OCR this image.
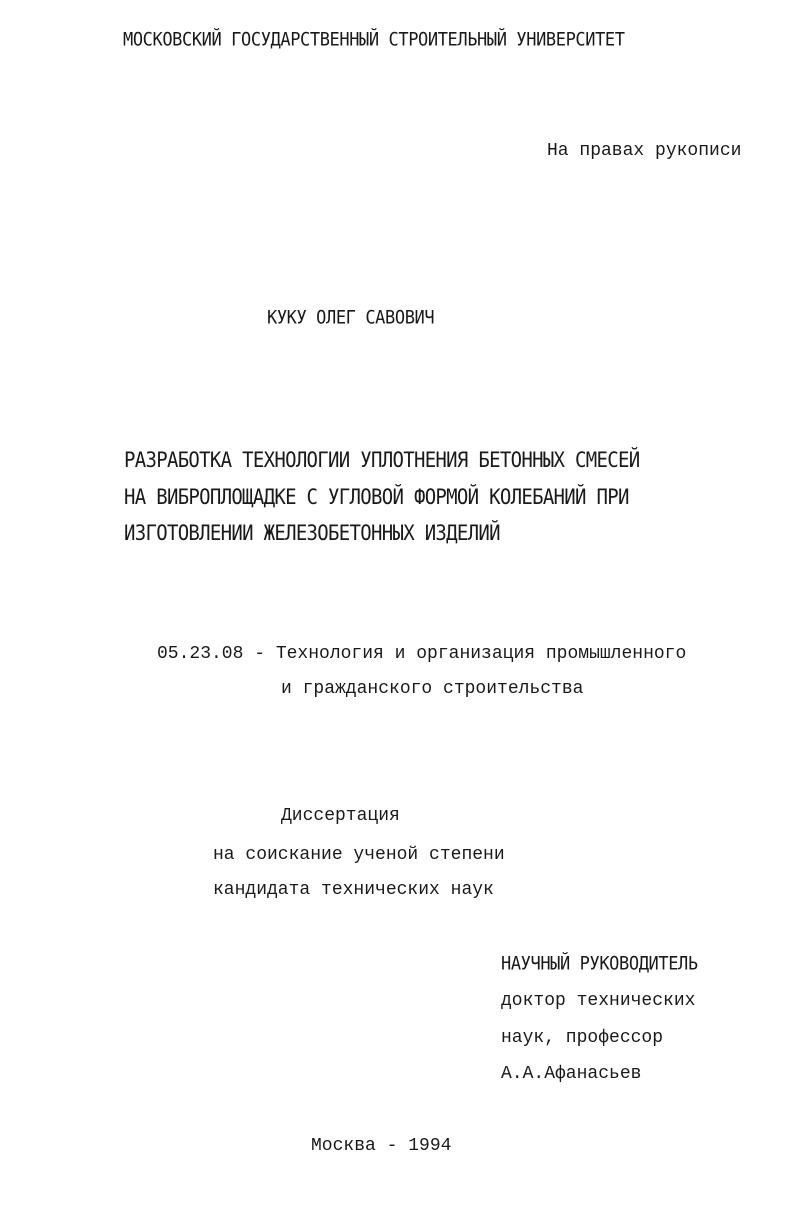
МОСКОВСКИЙ ГОСУДАРСТВЕННЫЙ СТРОИТЕЛЬНЫЙ УНИВЕРСИТЕТ
На правах рукописи
КУКУ ОЛЕГ САВОВИЧ
РАЗРАБОТКА ТЕХНОЛОГИИ УПЛОТНЕНИЯ БЕТОННЫХ СМЕСЕЙ
НА ВИБРОПЛОЩАДКЕ С УГЛОВОЙ ФОРМОЙ КОЛЕБАНИЙ ПРИ
ИЗГОТОВЛЕНИИ ЖЕЛЕЗОБЕТОННЫХ ИЗДЕЛИЙ
05.23.08 - Технология и организация промышленного
и гражданского строительства
Диссертация
на соискание ученой степени
кандидата технических наук
НАУЧНЫЙ РУКОВОДИТЕЛЬ
доктор технических
наук, профессор
А.А.Афанасьев
Москва - 1994
